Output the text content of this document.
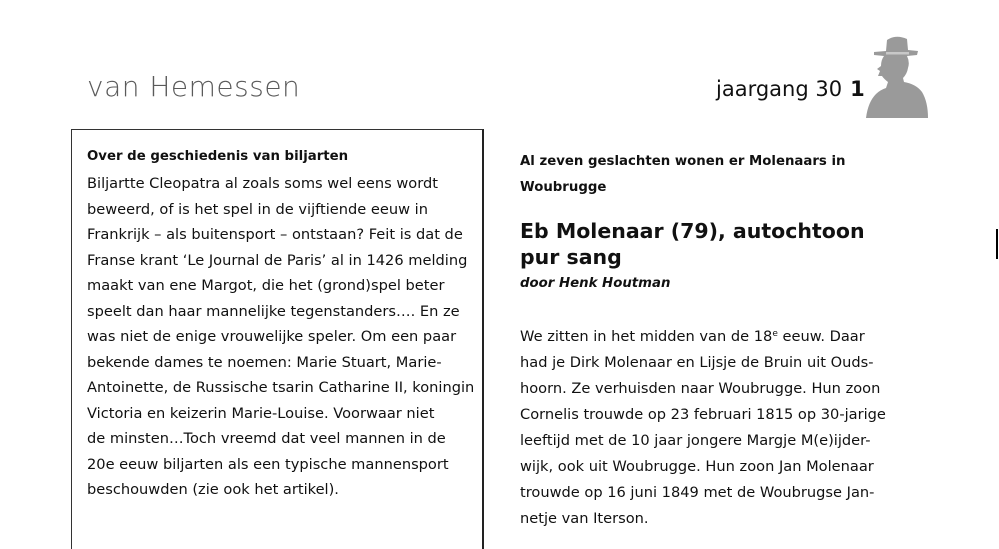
van Hemessen	jaargang 30 1
Over de geschiedenis van biljarten
Biljartte Cleopatra al zoals soms wel eens wordt
beweerd, of is het spel in de vijftiende eeuw in
Frankrijk – als buitensport – ontstaan? Feit is dat de
Franse krant ‘Le Journal de Paris’ al in 1426 melding
maakt van ene Margot, die het (grond)spel beter
speelt dan haar mannelijke tegenstanders…. En ze
was niet de enige vrouwelijke speler. Om een paar
bekende dames te noemen: Marie Stuart, Marie-
Antoinette, de Russische tsarin Catharine II, koningin
Victoria en keizerin Marie-Louise. Voorwaar niet
de minsten…Toch vreemd dat veel mannen in de
20e eeuw biljarten als een typische mannensport
beschouwden (zie ook het artikel).
Al zeven geslachten wonen er Molenaars in
Woubrugge
Eb Molenaar (79), autochtoon
pur sang
door Henk Houtman
We zitten in het midden van de 18e eeuw. Daar
had je Dirk Molenaar en Lijsje de Bruin uit Ouds-
hoorn. Ze verhuisden naar Woubrugge. Hun zoon
Cornelis trouwde op 23 februari 1815 op 30-jarige
leeftijd met de 10 jaar jongere Margje M(e)ijder-
wijk, ook uit Woubrugge. Hun zoon Jan Molenaar
trouwde op 16 juni 1849 met de Woubrugse Jan-
netje van Iterson.
